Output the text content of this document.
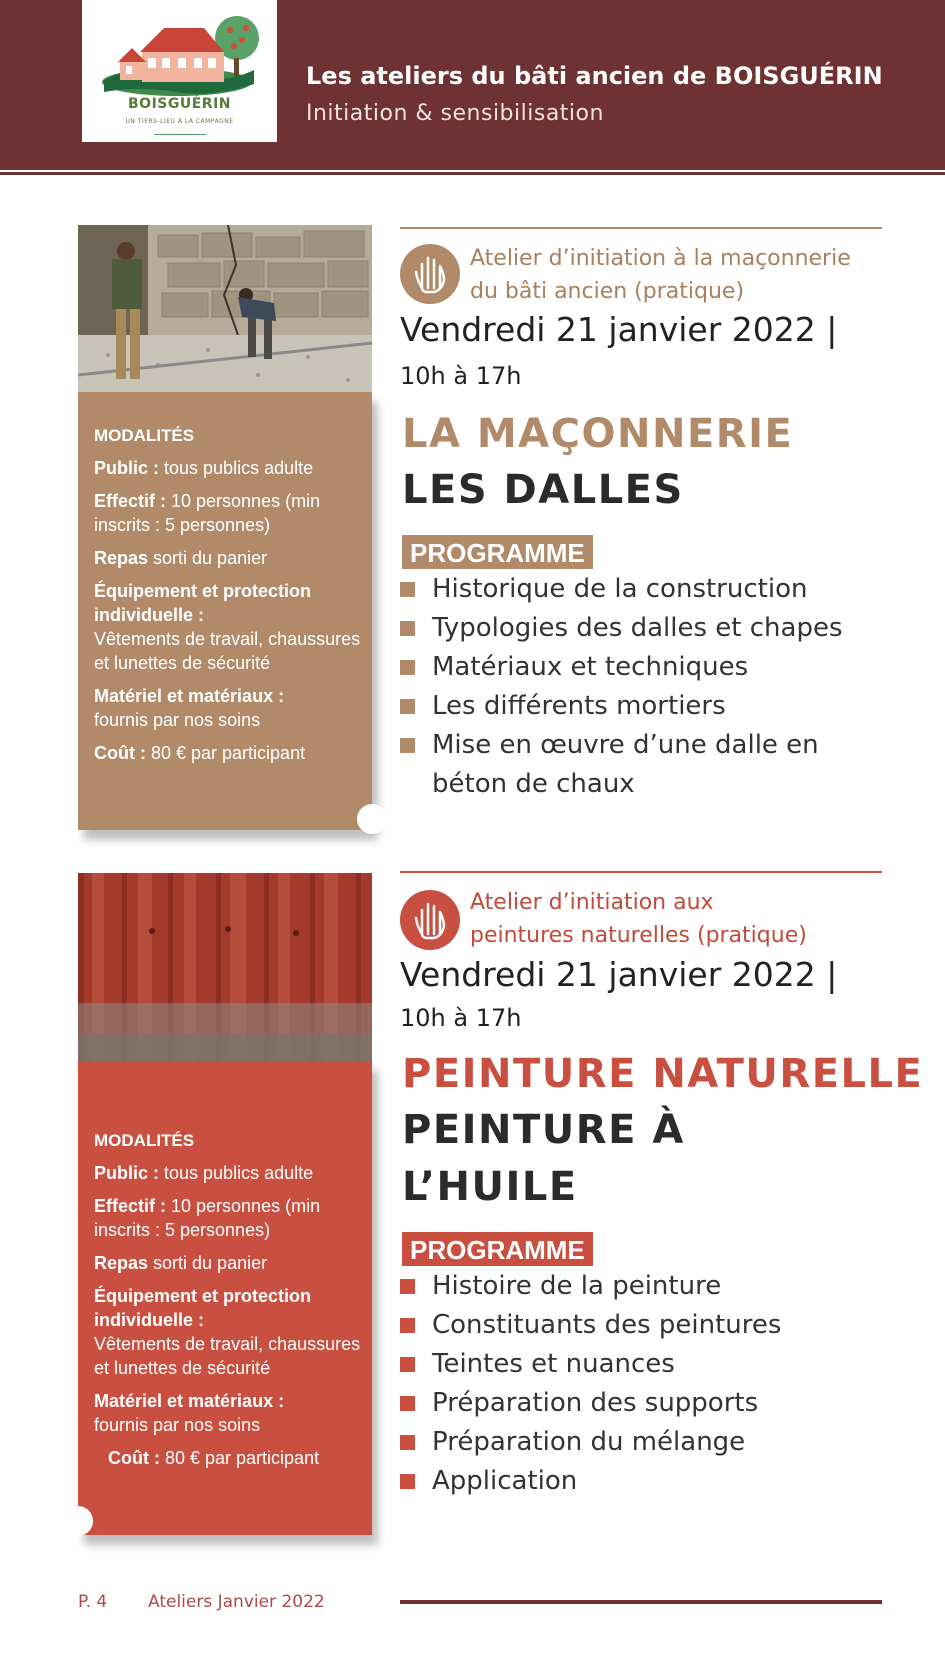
BOISGUÉRIN
UN TIERS-LIEU À LA CAMPAGNE
Les ateliers du bâti ancien de BOISGUÉRIN
Initiation & sensibilisation

MODALITÉS

Public : tous publics adulte

Effectif : 10 personnes (min inscrits : 5 personnes)

Repas sorti du panier

Équipement et protection individuelle :
Vêtements de travail, chaussures et lunettes de sécurité

Matériel et matériaux :
fournis par nos soins

Coût : 80 € par participant

Atelier d’initiation à la maçonnerie
du bâti ancien (pratique)
Vendredi 21 janvier 2022 |
10h à 17h
LA MAÇONNERIE
LES DALLES
PROGRAMME
Historique de la construction
Typologies des dalles et chapes
Matériaux et techniques
Les différents mortiers
Mise en œuvre d’une dalle en
béton de chaux

MODALITÉS

Public : tous publics adulte

Effectif : 10 personnes (min inscrits : 5 personnes)

Repas sorti du panier

Équipement et protection individuelle :
Vêtements de travail, chaussures et lunettes de sécurité

Matériel et matériaux :
fournis par nos soins

Coût : 80 € par participant

Atelier d’initiation aux
peintures naturelles (pratique)
Vendredi 21 janvier 2022 |
10h à 17h
PEINTURE NATURELLE
PEINTURE À
L’HUILE
PROGRAMME
Histoire de la peinture
Constituants des peintures
Teintes et nuances
Préparation des supports
Préparation du mélange
Application
P. 4 Ateliers Janvier 2022
